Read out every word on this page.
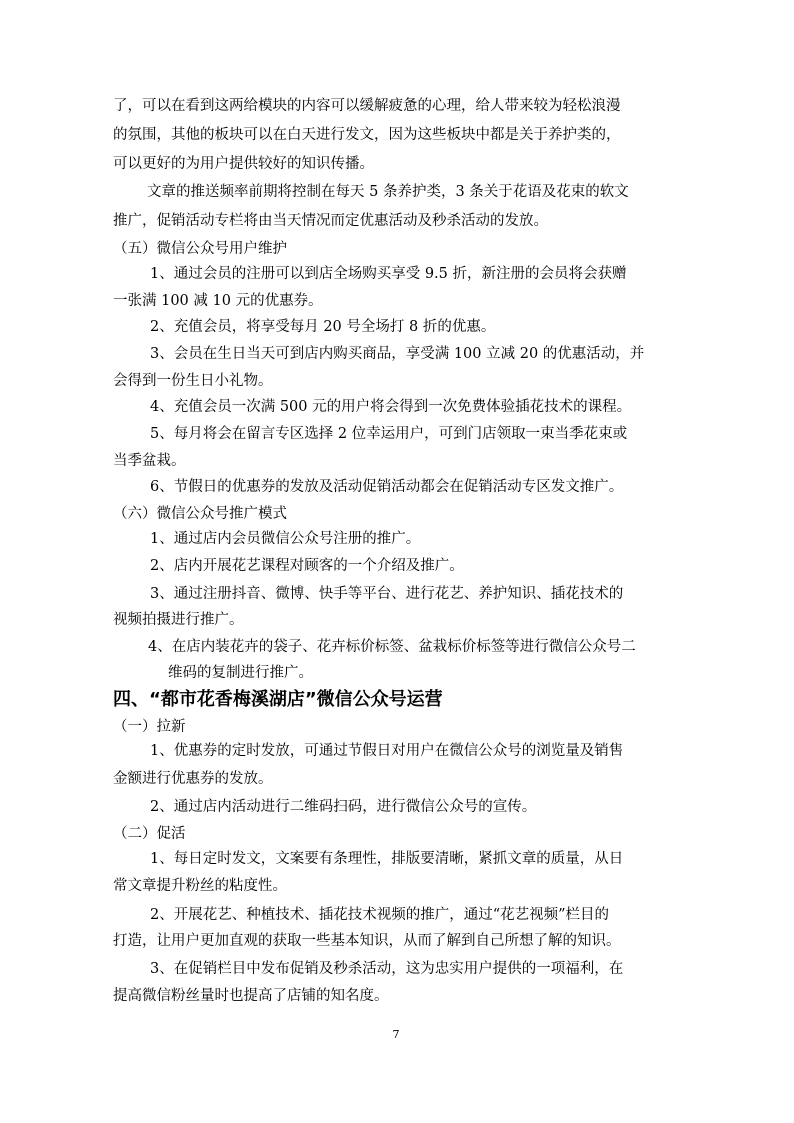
了，可以在看到这两给模块的内容可以缓解疲惫的心理，给人带来较为轻松浪漫
的氛围，其他的板块可以在白天进行发文，因为这些板块中都是关于养护类的，
可以更好的为用户提供较好的知识传播。
文章的推送频率前期将控制在每天 5 条养护类，3 条关于花语及花束的软文
推广，促销活动专栏将由当天情况而定优惠活动及秒杀活动的发放。
（五）微信公众号用户维护
1、通过会员的注册可以到店全场购买享受 9.5 折，新注册的会员将会获赠
一张满 100 减 10 元的优惠券。
2、充值会员，将享受每月 20 号全场打 8 折的优惠。
3、会员在生日当天可到店内购买商品，享受满 100 立减 20 的优惠活动，并
会得到一份生日小礼物。
4、充值会员一次满 500 元的用户将会得到一次免费体验插花技术的课程。
5、每月将会在留言专区选择 2 位幸运用户，可到门店领取一束当季花束或
当季盆栽。
6、节假日的优惠券的发放及活动促销活动都会在促销活动专区发文推广。
（六）微信公众号推广模式
1、通过店内会员微信公众号注册的推广。
2、店内开展花艺课程对顾客的一个介绍及推广。
3、通过注册抖音、微博、快手等平台、进行花艺、养护知识、插花技术的
视频拍摄进行推广。
4、在店内装花卉的袋子、花卉标价标签、盆栽标价标签等进行微信公众号二
维码的复制进行推广。
四、“都市花香梅溪湖店”微信公众号运营
（一）拉新
1、优惠券的定时发放，可通过节假日对用户在微信公众号的浏览量及销售
金额进行优惠券的发放。
2、通过店内活动进行二维码扫码，进行微信公众号的宣传。
（二）促活
1、每日定时发文，文案要有条理性，排版要清晰，紧抓文章的质量，从日
常文章提升粉丝的粘度性。
2、开展花艺、种植技术、插花技术视频的推广，通过“花艺视频”栏目的
打造，让用户更加直观的获取一些基本知识，从而了解到自己所想了解的知识。
3、在促销栏目中发布促销及秒杀活动，这为忠实用户提供的一项福利，在
提高微信粉丝量时也提高了店铺的知名度。
7
